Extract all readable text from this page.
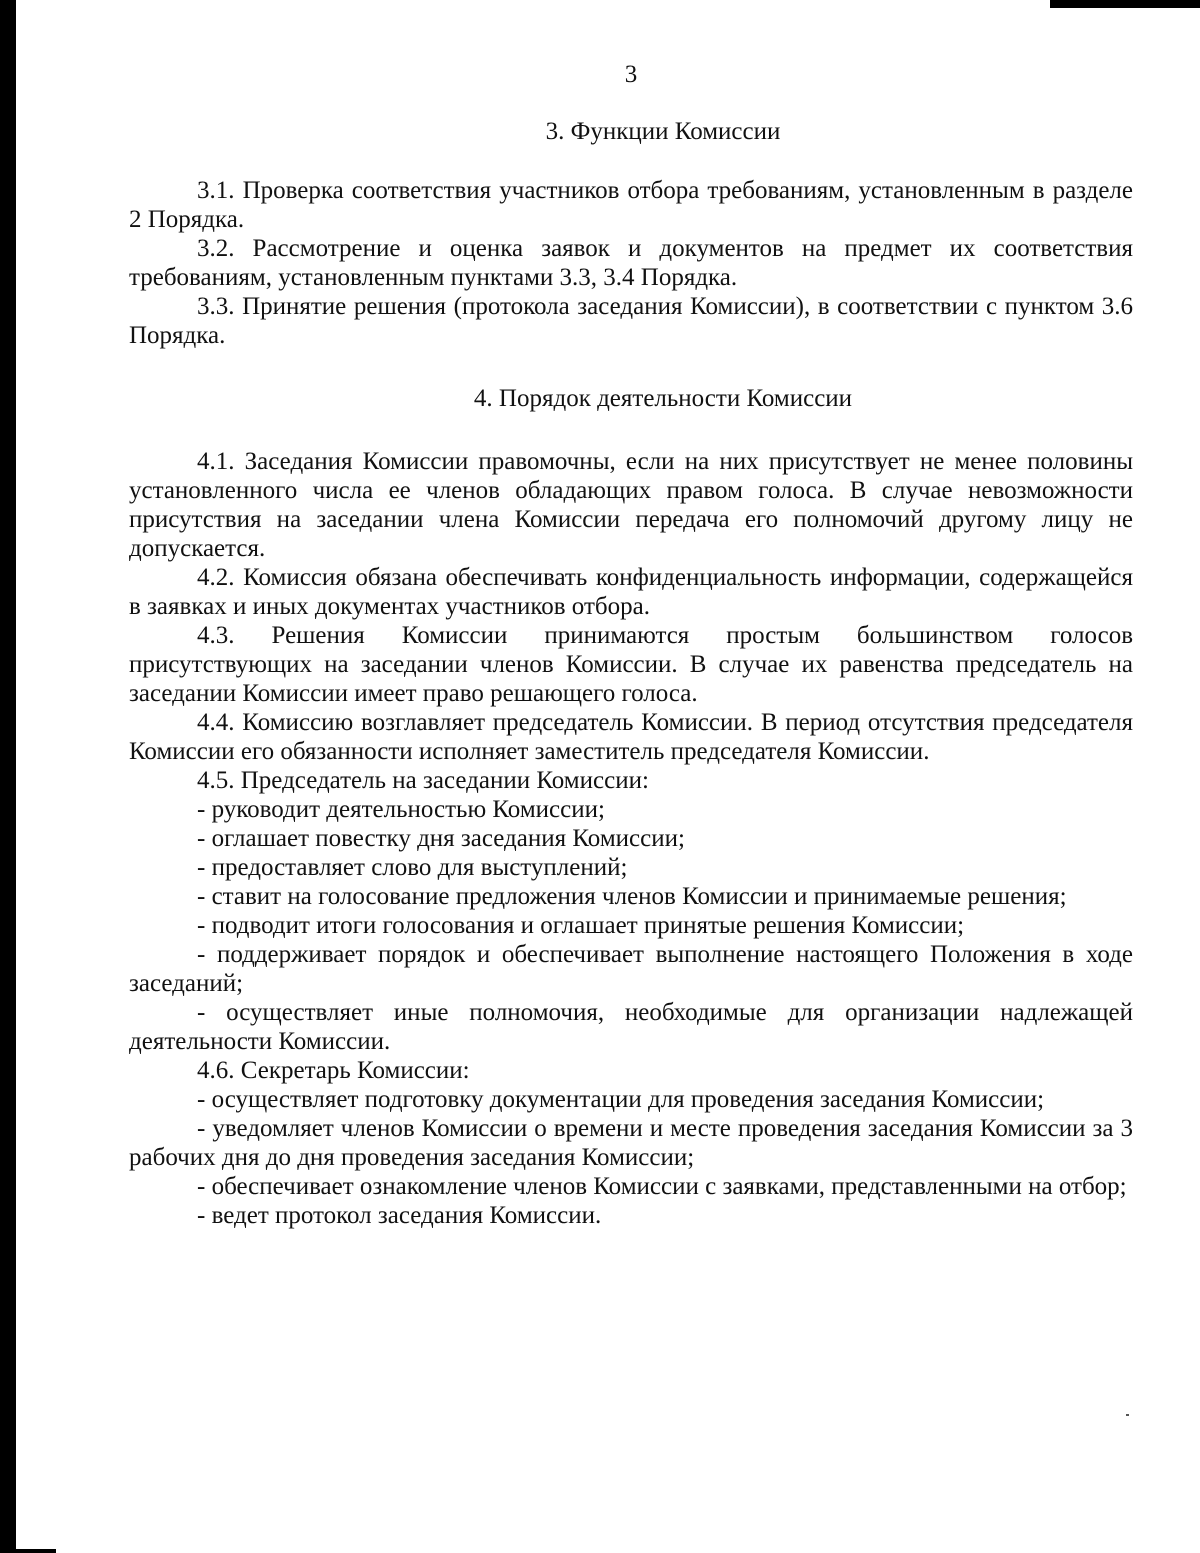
3
3. Функции Комиссии

3.1. Проверка соответствия участников отбора требованиям, установленным в разделе 2 Порядка.

3.2. Рассмотрение и оценка заявок и документов на предмет их соответствия требованиям, установленным пунктами 3.3, 3.4 Порядка.

3.3. Принятие решения (протокола заседания Комиссии), в соответствии с пунктом 3.6 Порядка.

4. Порядок деятельности Комиссии

4.1. Заседания Комиссии правомочны, если на них присутствует не менее половины установленного числа ее членов обладающих правом голоса. В случае невозможности присутствия на заседании члена Комиссии передача его полномочий другому лицу не допускается.

4.2. Комиссия обязана обеспечивать конфиденциальность информации, содержащейся в заявках и иных документах участников отбора.

4.3. Решения Комиссии принимаются простым большинством голосов присутствующих на заседании членов Комиссии. В случае их равенства председатель на заседании Комиссии имеет право решающего голоса.

4.4. Комиссию возглавляет председатель Комиссии. В период отсутствия председателя Комиссии его обязанности исполняет заместитель председателя Комиссии.

4.5. Председатель на заседании Комиссии:

- руководит деятельностью Комиссии;

- оглашает повестку дня заседания Комиссии;

- предоставляет слово для выступлений;

- ставит на голосование предложения членов Комиссии и принимаемые решения;

- подводит итоги голосования и оглашает принятые решения Комиссии;

- поддерживает порядок и обеспечивает выполнение настоящего Положения в ходе заседаний;

- осуществляет иные полномочия, необходимые для организации надлежащей деятельности Комиссии.

4.6. Секретарь Комиссии:

- осуществляет подготовку документации для проведения заседания Комиссии;

- уведомляет членов Комиссии о времени и месте проведения заседания Комиссии за 3 рабочих дня до дня проведения заседания Комиссии;

- обеспечивает ознакомление членов Комиссии с заявками, представленными на отбор;

- ведет протокол заседания Комиссии.
